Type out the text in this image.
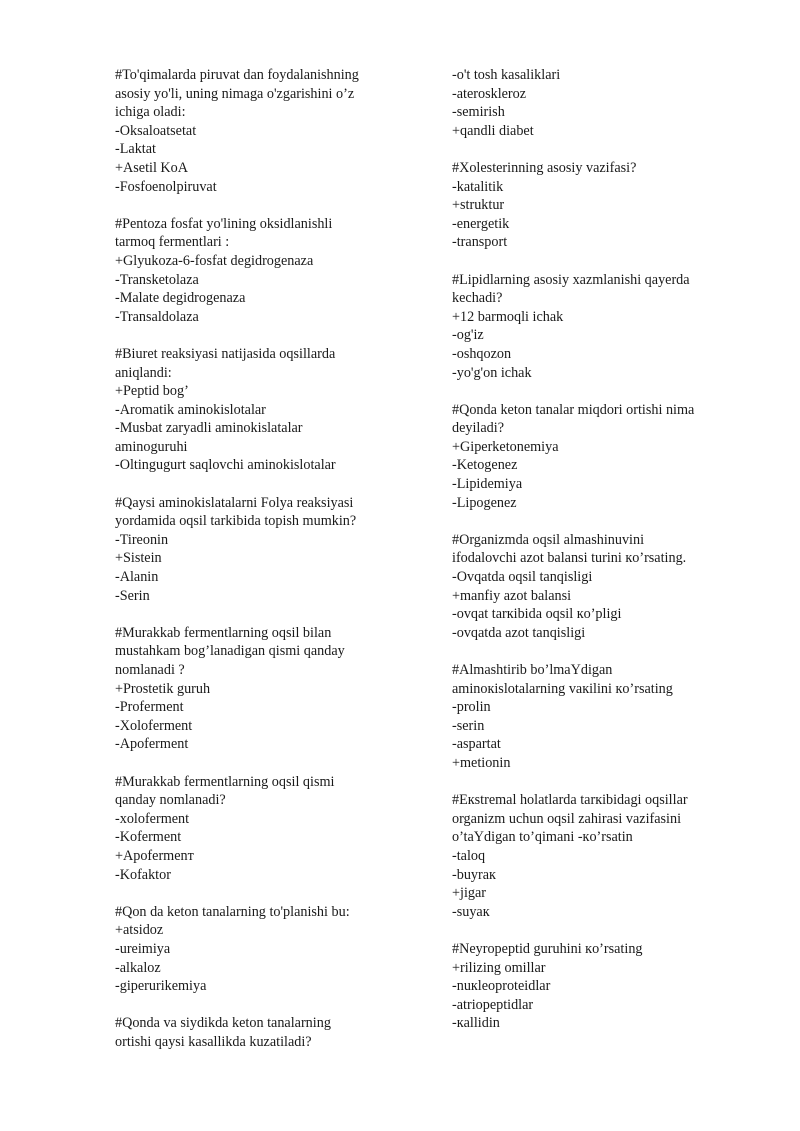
#To'qimalarda piruvat dan foydalanishning
asosiy yo'li, uning nimaga o'zgarishini o’z
ichiga oladi:
-Oksaloatsetat
-Laktat
+Asetil KoA
-Fosfoenolpiruvat
#Pentoza fosfat yo'lining oksidlanishli
tarmoq fermentlari :
+Glyukoza-6-fosfat degidrogenaza
-Transketolaza
-Malate degidrogenaza
-Transaldolaza
#Biuret reaksiyasi natijasida oqsillarda
aniqlandi:
+Peptid bog’
-Aromatik aminokislotalar
-Musbat zaryadli aminokislatalar
aminoguruhi
-Oltingugurt saqlovchi aminokislotalar
#Qaysi aminokislatalarni Folya reaksiyasi
yordamida oqsil tarkibida topish mumkin?
-Tireonin
+Sistein
-Alanin
-Serin
#Murakkab fermentlarning oqsil bilan
mustahkam bog’lanadigan qismi qanday
nomlanadi ?
+Prostetik guruh
-Proferment
-Xoloferment
-Apoferment
#Murakkab fermentlarning oqsil qismi
qanday nomlanadi?
-xoloferment
-Koferment
+Apofermenт
-Kofaktor
#Qon da keton tanalarning to'planishi bu:
+atsidoz
-ureimiya
-alkaloz
-giperurikemiya
#Qonda va siydikda keton tanalarning
ortishi qaysi kasallikda kuzatiladi?
-o't tosh kasaliklari
-ateroskleroz
-semirish
+qandli diabet
#Xolesterinning asosiy vazifasi?
-katalitik
+struktur
-energetik
-transport
#Lipidlarning asosiy xazmlanishi qayerda
kechadi?
+12 barmoqli ichak
-og'iz
-oshqozon
-yo'g'on ichak
#Qonda keton tanalar miqdori ortishi nima
deyiladi?
+Giperketonemiya
-Ketogenez
-Lipidemiya
-Lipogenez
#Organizmda oqsil almashinuvini
ifodalovchi azot balansi turini кo’rsating.
-Ovqatda oqsil tanqisligi
+manfiy azot balansi
-ovqat tarкibida oqsil кo’pligi
-ovqatda azot tanqisligi
#Almashtirib bo’lmaYdigan
aminoкislotalarning vaкilini кo’rsating
-prolin
-serin
-aspartat
+metionin
#Eкstremal holatlarda tarкibidagi oqsillar
organizm uchun oqsil zahirasi vazifasini
o’taYdigan to’qimani -кo’rsatin
-taloq
-buyraк
+jigar
-suyaк
#Neyropeptid guruhini кo’rsating
+rilizing omillar
-nuкleoproteidlar
-atriopeptidlar
-кallidin
